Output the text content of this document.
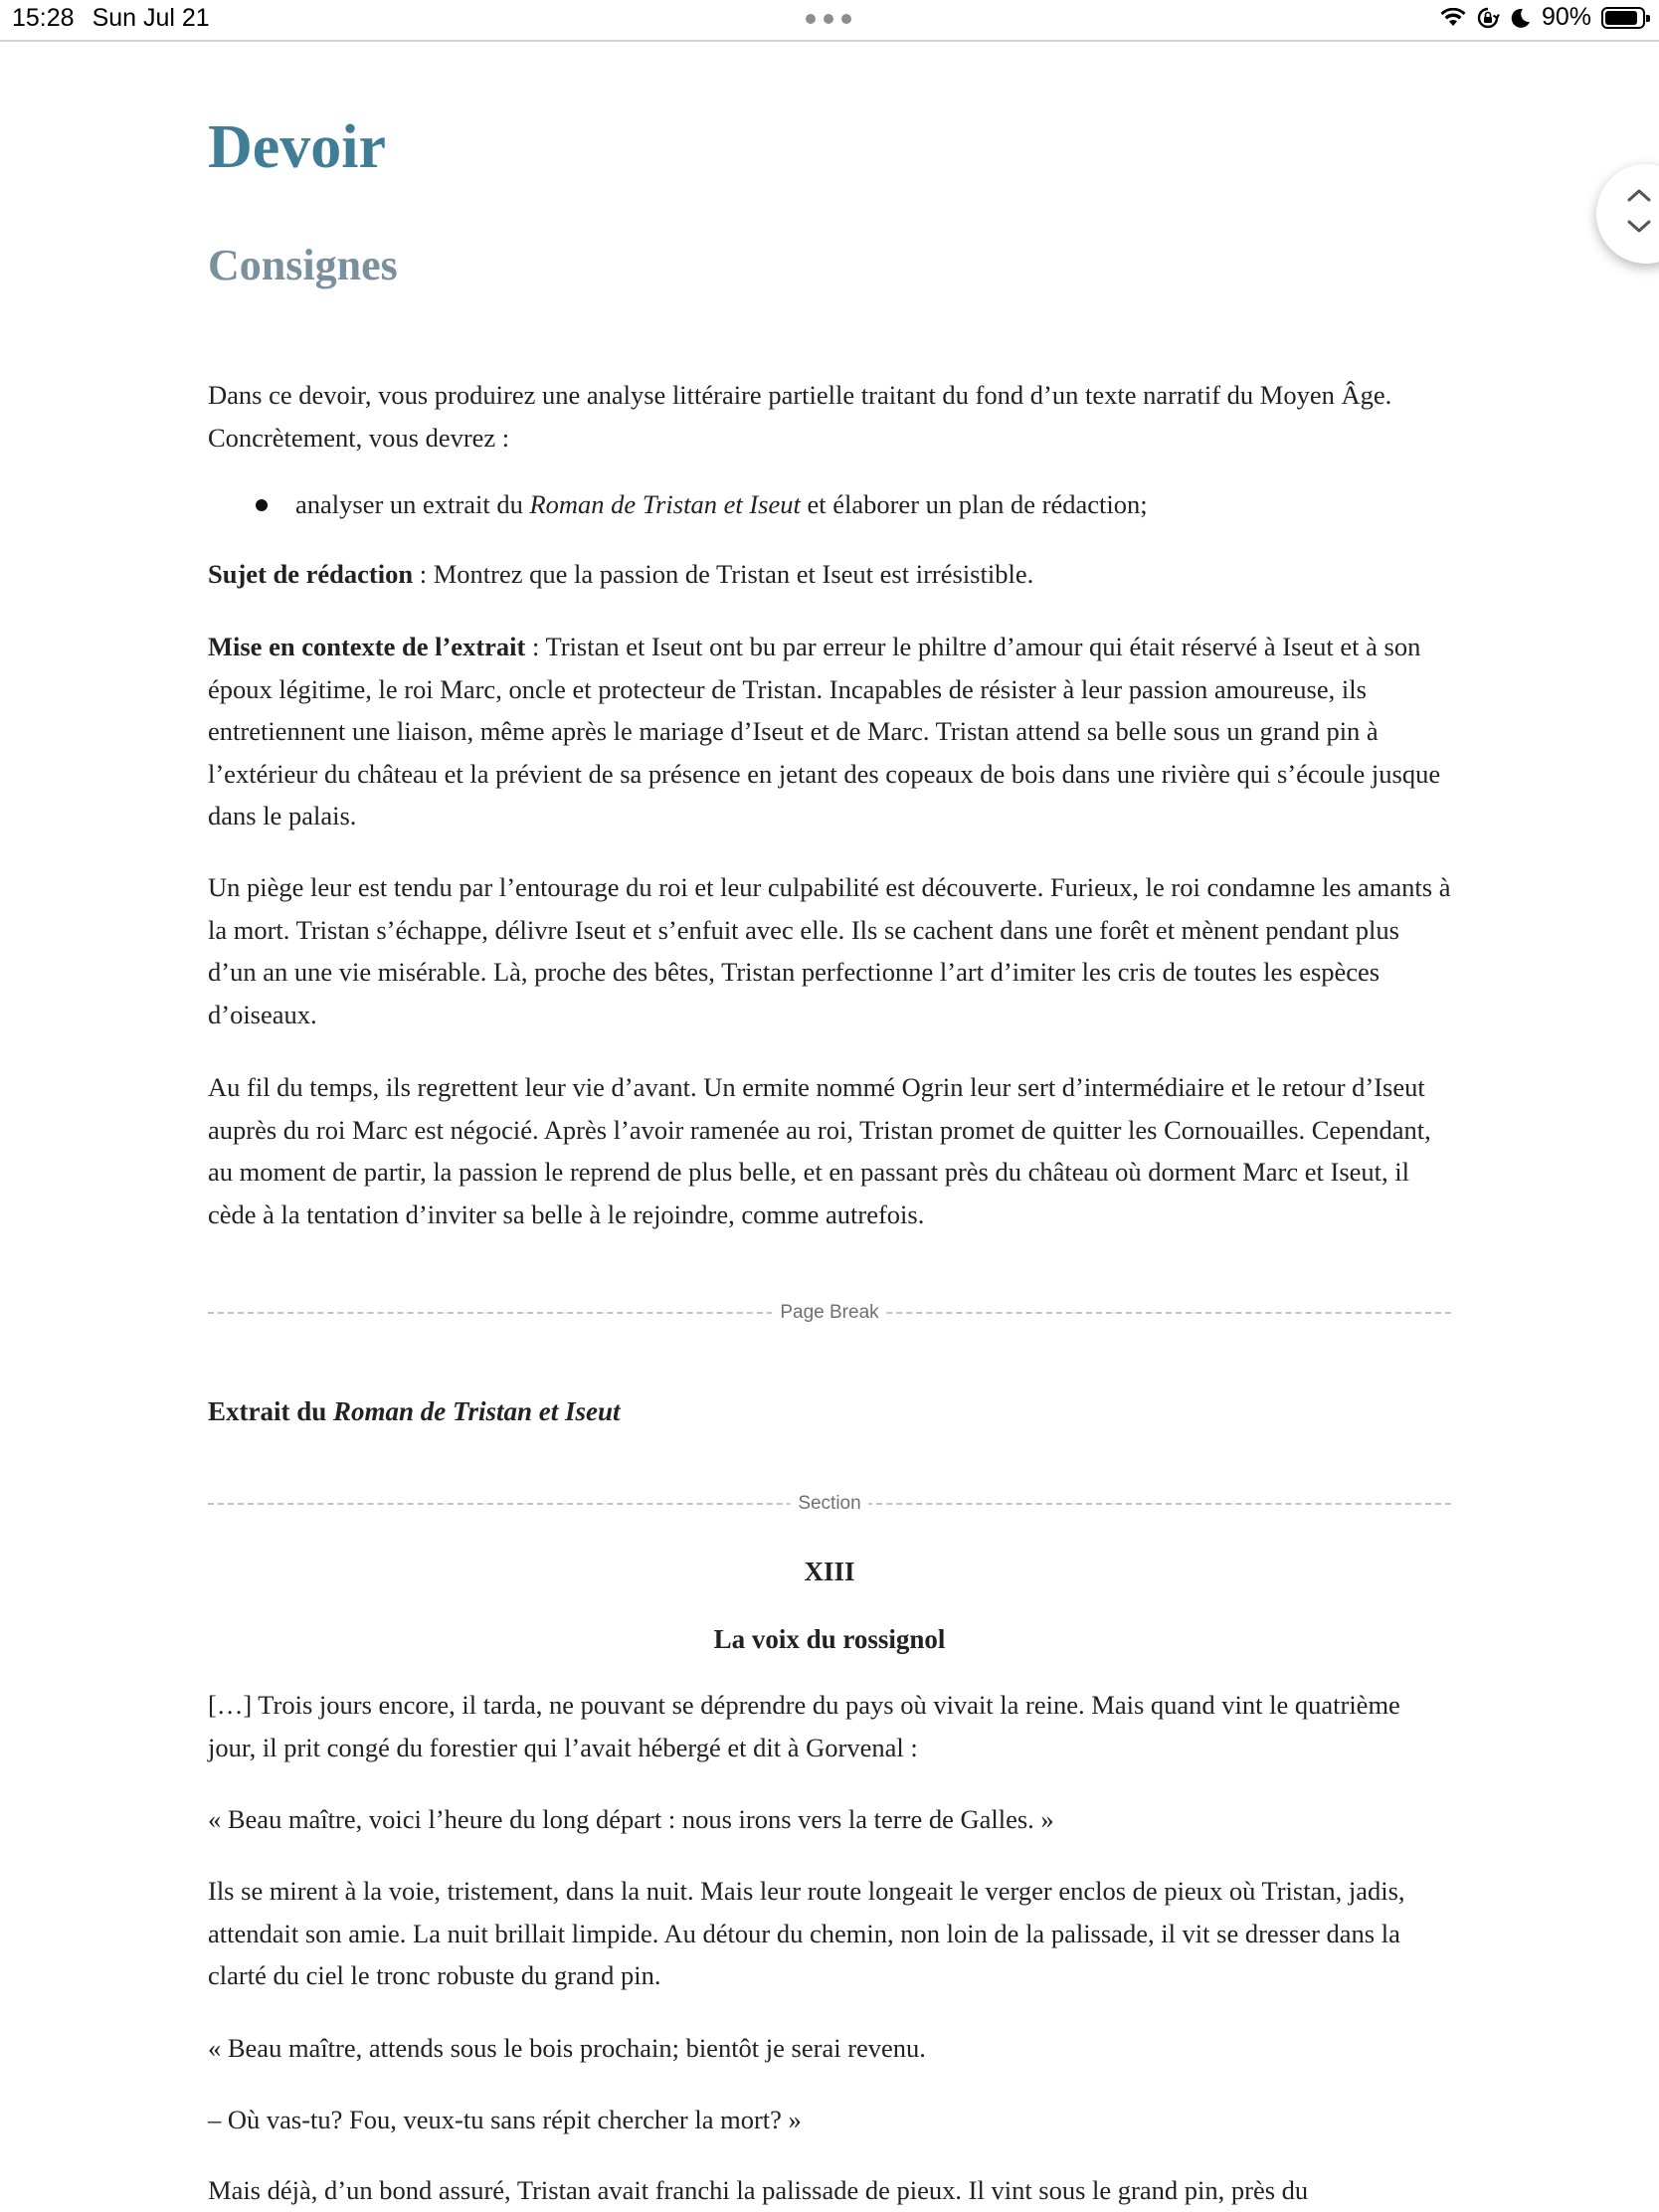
15:28 Sun Jul 21	90%
Devoir
Consignes

Dans ce devoir, vous produirez une analyse littéraire partielle traitant du fond d’un texte narratif du Moyen Âge. Concrètement, vous devrez :

analyser un extrait du Roman de Tristan et Iseut et élaborer un plan de rédaction;

Sujet de rédaction : Montrez que la passion de Tristan et Iseut est irrésistible.

Mise en contexte de l’extrait : Tristan et Iseut ont bu par erreur le philtre d’amour qui était réservé à Iseut et à son époux légitime, le roi Marc, oncle et protecteur de Tristan. Incapables de résister à leur passion amoureuse, ils entretiennent une liaison, même après le mariage d’Iseut et de Marc. Tristan attend sa belle sous un grand pin à l’extérieur du château et la prévient de sa présence en jetant des copeaux de bois dans une rivière qui s’écoule jusque dans le palais.

Un piège leur est tendu par l’entourage du roi et leur culpabilité est découverte. Furieux, le roi condamne les amants à la mort. Tristan s’échappe, délivre Iseut et s’enfuit avec elle. Ils se cachent dans une forêt et mènent pendant plus d’un an une vie misérable. Là, proche des bêtes, Tristan perfectionne l’art d’imiter les cris de toutes les espèces d’oiseaux.

Au fil du temps, ils regrettent leur vie d’avant. Un ermite nommé Ogrin leur sert d’intermédiaire et le retour d’Iseut auprès du roi Marc est négocié. Après l’avoir ramenée au roi, Tristan promet de quitter les Cornouailles. Cependant, au moment de partir, la passion le reprend de plus belle, et en passant près du château où dorment Marc et Iseut, il cède à la tentation d’inviter sa belle à le rejoindre, comme autrefois.

Page Break
Extrait du Roman de Tristan et Iseut
Section
XIII
La voix du rossignol

[…] Trois jours encore, il tarda, ne pouvant se déprendre du pays où vivait la reine. Mais quand vint le quatrième jour, il prit congé du forestier qui l’avait hébergé et dit à Gorvenal :

« Beau maître, voici l’heure du long départ : nous irons vers la terre de Galles. »

Ils se mirent à la voie, tristement, dans la nuit. Mais leur route longeait le verger enclos de pieux où Tristan, jadis, attendait son amie. La nuit brillait limpide. Au détour du chemin, non loin de la palissade, il vit se dresser dans la clarté du ciel le tronc robuste du grand pin.

« Beau maître, attends sous le bois prochain; bientôt je serai revenu.

– Où vas-tu? Fou, veux-tu sans répit chercher la mort? »

Mais déjà, d’un bond assuré, Tristan avait franchi la palissade de pieux. Il vint sous le grand pin, près du
